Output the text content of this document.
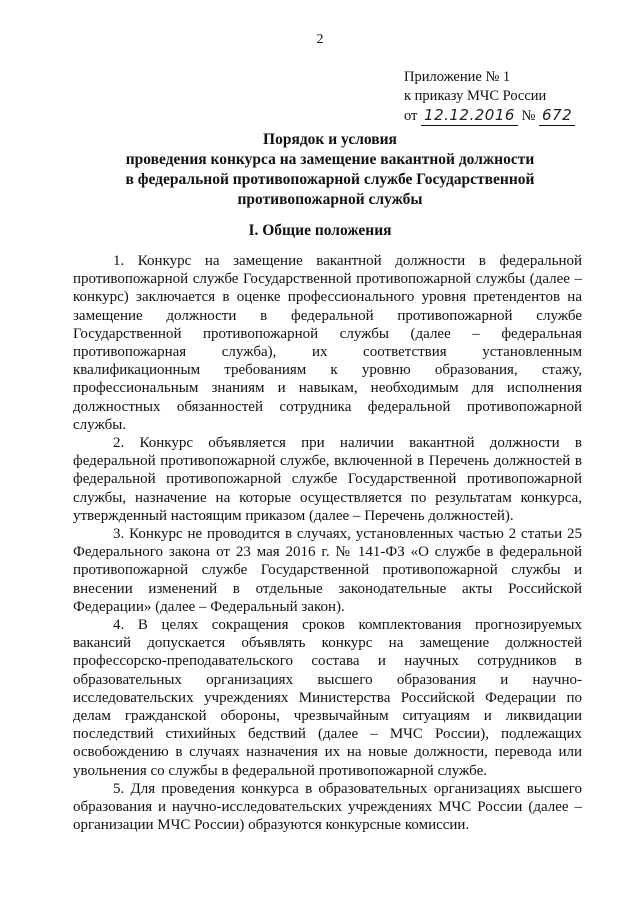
2
Приложение № 1
к приказу МЧС России
от 12.12.2016 № 672
Порядок и условия
проведения конкурса на замещение вакантной должности
в федеральной противопожарной службе Государственной
противопожарной службы
I. Общие положения

1. Конкурс на замещение вакантной должности в федеральной противопожарной службе Государственной противопожарной службы (далее – конкурс) заключается в оценке профессионального уровня претендентов на замещение должности в федеральной противопожарной службе Государственной противопожарной службы (далее – федеральная противопожарная служба), их соответствия установленным квалификационным требованиям к уровню образования, стажу, профессиональным знаниям и навыкам, необходимым для исполнения должностных обязанностей сотрудника федеральной противопожарной службы.

2. Конкурс объявляется при наличии вакантной должности в федеральной противопожарной службе, включенной в Перечень должностей в федеральной противопожарной службе Государственной противопожарной службы, назначение на которые осуществляется по результатам конкурса, утвержденный настоящим приказом (далее – Перечень должностей).

3. Конкурс не проводится в случаях, установленных частью 2 статьи 25 Федерального закона от 23 мая 2016 г. № 141-ФЗ «О службе в федеральной противопожарной службе Государственной противопожарной службы и внесении изменений в отдельные законодательные акты Российской Федерации» (далее – Федеральный закон).

4. В целях сокращения сроков комплектования прогнозируемых вакансий допускается объявлять конкурс на замещение должностей профессорско-преподавательского состава и научных сотрудников в образовательных организациях высшего образования и научно-исследовательских учреждениях Министерства Российской Федерации по делам гражданской обороны, чрезвычайным ситуациям и ликвидации последствий стихийных бедствий (далее – МЧС России), подлежащих освобождению в случаях назначения их на новые должности, перевода или увольнения со службы в федеральной противопожарной службе.

5. Для проведения конкурса в образовательных организациях высшего образования и научно-исследовательских учреждениях МЧС России (далее – организации МЧС России) образуются конкурсные комиссии.
